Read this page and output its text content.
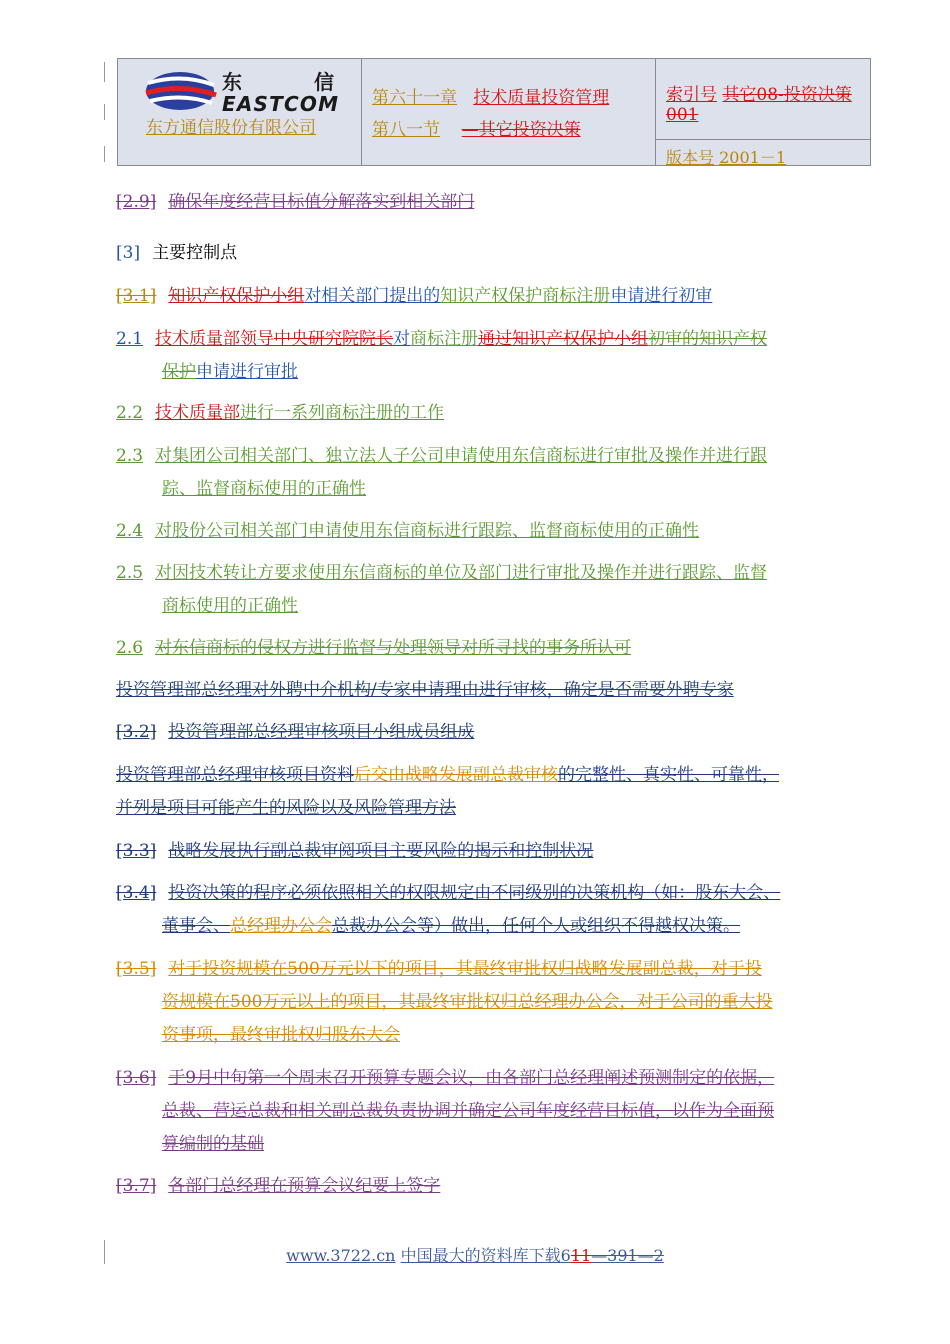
东 信
EASTCOM
东方通信股份有限公司
第六十一章 技术质量投资管理
第八一节 —其它投资决策
索引号 其它08-投资决策001
版本号 2001－1
[2.9] 确保年度经营目标值分解落实到相关部门
[3] 主要控制点
[3.1] 知识产权保护小组对相关部门提出的知识产权保护商标注册申请进行初审
2.1 技术质量部领导中央研究院院长对商标注册通过知识产权保护小组初审的知识产权
保护申请进行审批
2.2 技术质量部进行一系列商标注册的工作
2.3 对集团公司相关部门、独立法人子公司申请使用东信商标进行审批及操作并进行跟
踪、监督商标使用的正确性
2.4 对股份公司相关部门申请使用东信商标进行跟踪、监督商标使用的正确性
2.5 对因技术转让方要求使用东信商标的单位及部门进行审批及操作并进行跟踪、监督
商标使用的正确性
2.6 对东信商标的侵权方进行监督与处理领导对所寻找的事务所认可
投资管理部总经理对外聘中介机构/专家申请理由进行审核，确定是否需要外聘专家
[3.2] 投资管理部总经理审核项目小组成员组成
投资管理部总经理审核项目资料后交由战略发展副总裁审核的完整性、真实性、可靠性，
并列是项目可能产生的风险以及风险管理方法
[3.3] 战略发展执行副总裁审阅项目主要风险的揭示和控制状况
[3.4] 投资决策的程序必须依照相关的权限规定由不同级别的决策机构（如：股东大会、
董事会、总经理办公会总裁办公会等）做出，任何个人或组织不得越权决策。
[3.5] 对于投资规模在500万元以下的项目，其最终审批权归战略发展副总裁，对于投
资规模在500万元以上的项目，其最终审批权归总经理办公会，对于公司的重大投
资事项，最终审批权归股东大会
[3.6] 于9月中旬第一个周末召开预算专题会议，由各部门总经理阐述预测制定的依据，
总裁、营运总裁和相关副总裁负责协调并确定公司年度经营目标值，以作为全面预
算编制的基础
[3.7] 各部门总经理在预算会议纪要上签字
www.3722.cn 中国最大的资料库下载611—391—2
